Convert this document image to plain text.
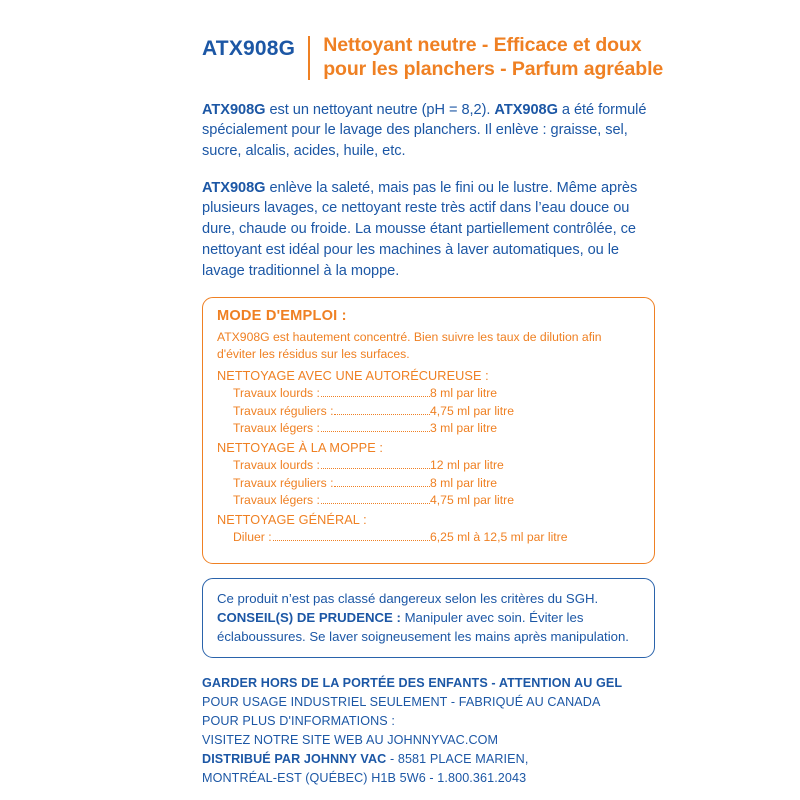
ATX908G Nettoyant neutre - Efficace et doux
pour les planchers - Parfum agréable

ATX908G est un nettoyant neutre (pH = 8,2). ATX908G a été formulé spécialement pour le lavage des planchers. Il enlève : graisse, sel, sucre, alcalis, acides, huile, etc.

ATX908G enlève la saleté, mais pas le fini ou le lustre. Même après plusieurs lavages, ce nettoyant reste très actif dans l’eau douce ou dure, chaude ou froide. La mousse étant partiellement contrôlée, ce nettoyant est idéal pour les machines à laver automatiques, ou le lavage traditionnel à la moppe.

MODE D'EMPLOI :
ATX908G est hautement concentré. Bien suivre les taux de dilution afin d'éviter les résidus sur les surfaces.
NETTOYAGE AVEC UNE AUTORÉCUREUSE :
Travaux lourds :	8 ml par litre
Travaux réguliers :	4,75 ml par litre
Travaux légers :	3 ml par litre
NETTOYAGE À LA MOPPE :
Travaux lourds :	12 ml par litre
Travaux réguliers :	8 ml par litre
Travaux légers :	4,75 ml par litre
NETTOYAGE GÉNÉRAL :
Diluer :	6,25 ml à 12,5 ml par litre

Ce produit n’est pas classé dangereux selon les critères du SGH.
CONSEIL(S) DE PRUDENCE : Manipuler avec soin. Éviter les éclaboussures. Se laver soigneusement les mains après manipulation.

GARDER HORS DE LA PORTÉE DES ENFANTS - ATTENTION AU GEL
POUR USAGE INDUSTRIEL SEULEMENT - FABRIQUÉ AU CANADA
POUR PLUS D'INFORMATIONS :
VISITEZ NOTRE SITE WEB AU JOHNNYVAC.COM
DISTRIBUÉ PAR JOHNNY VAC - 8581 PLACE MARIEN,
MONTRÉAL-EST (QUÉBEC) H1B 5W6 - 1.800.361.2043
